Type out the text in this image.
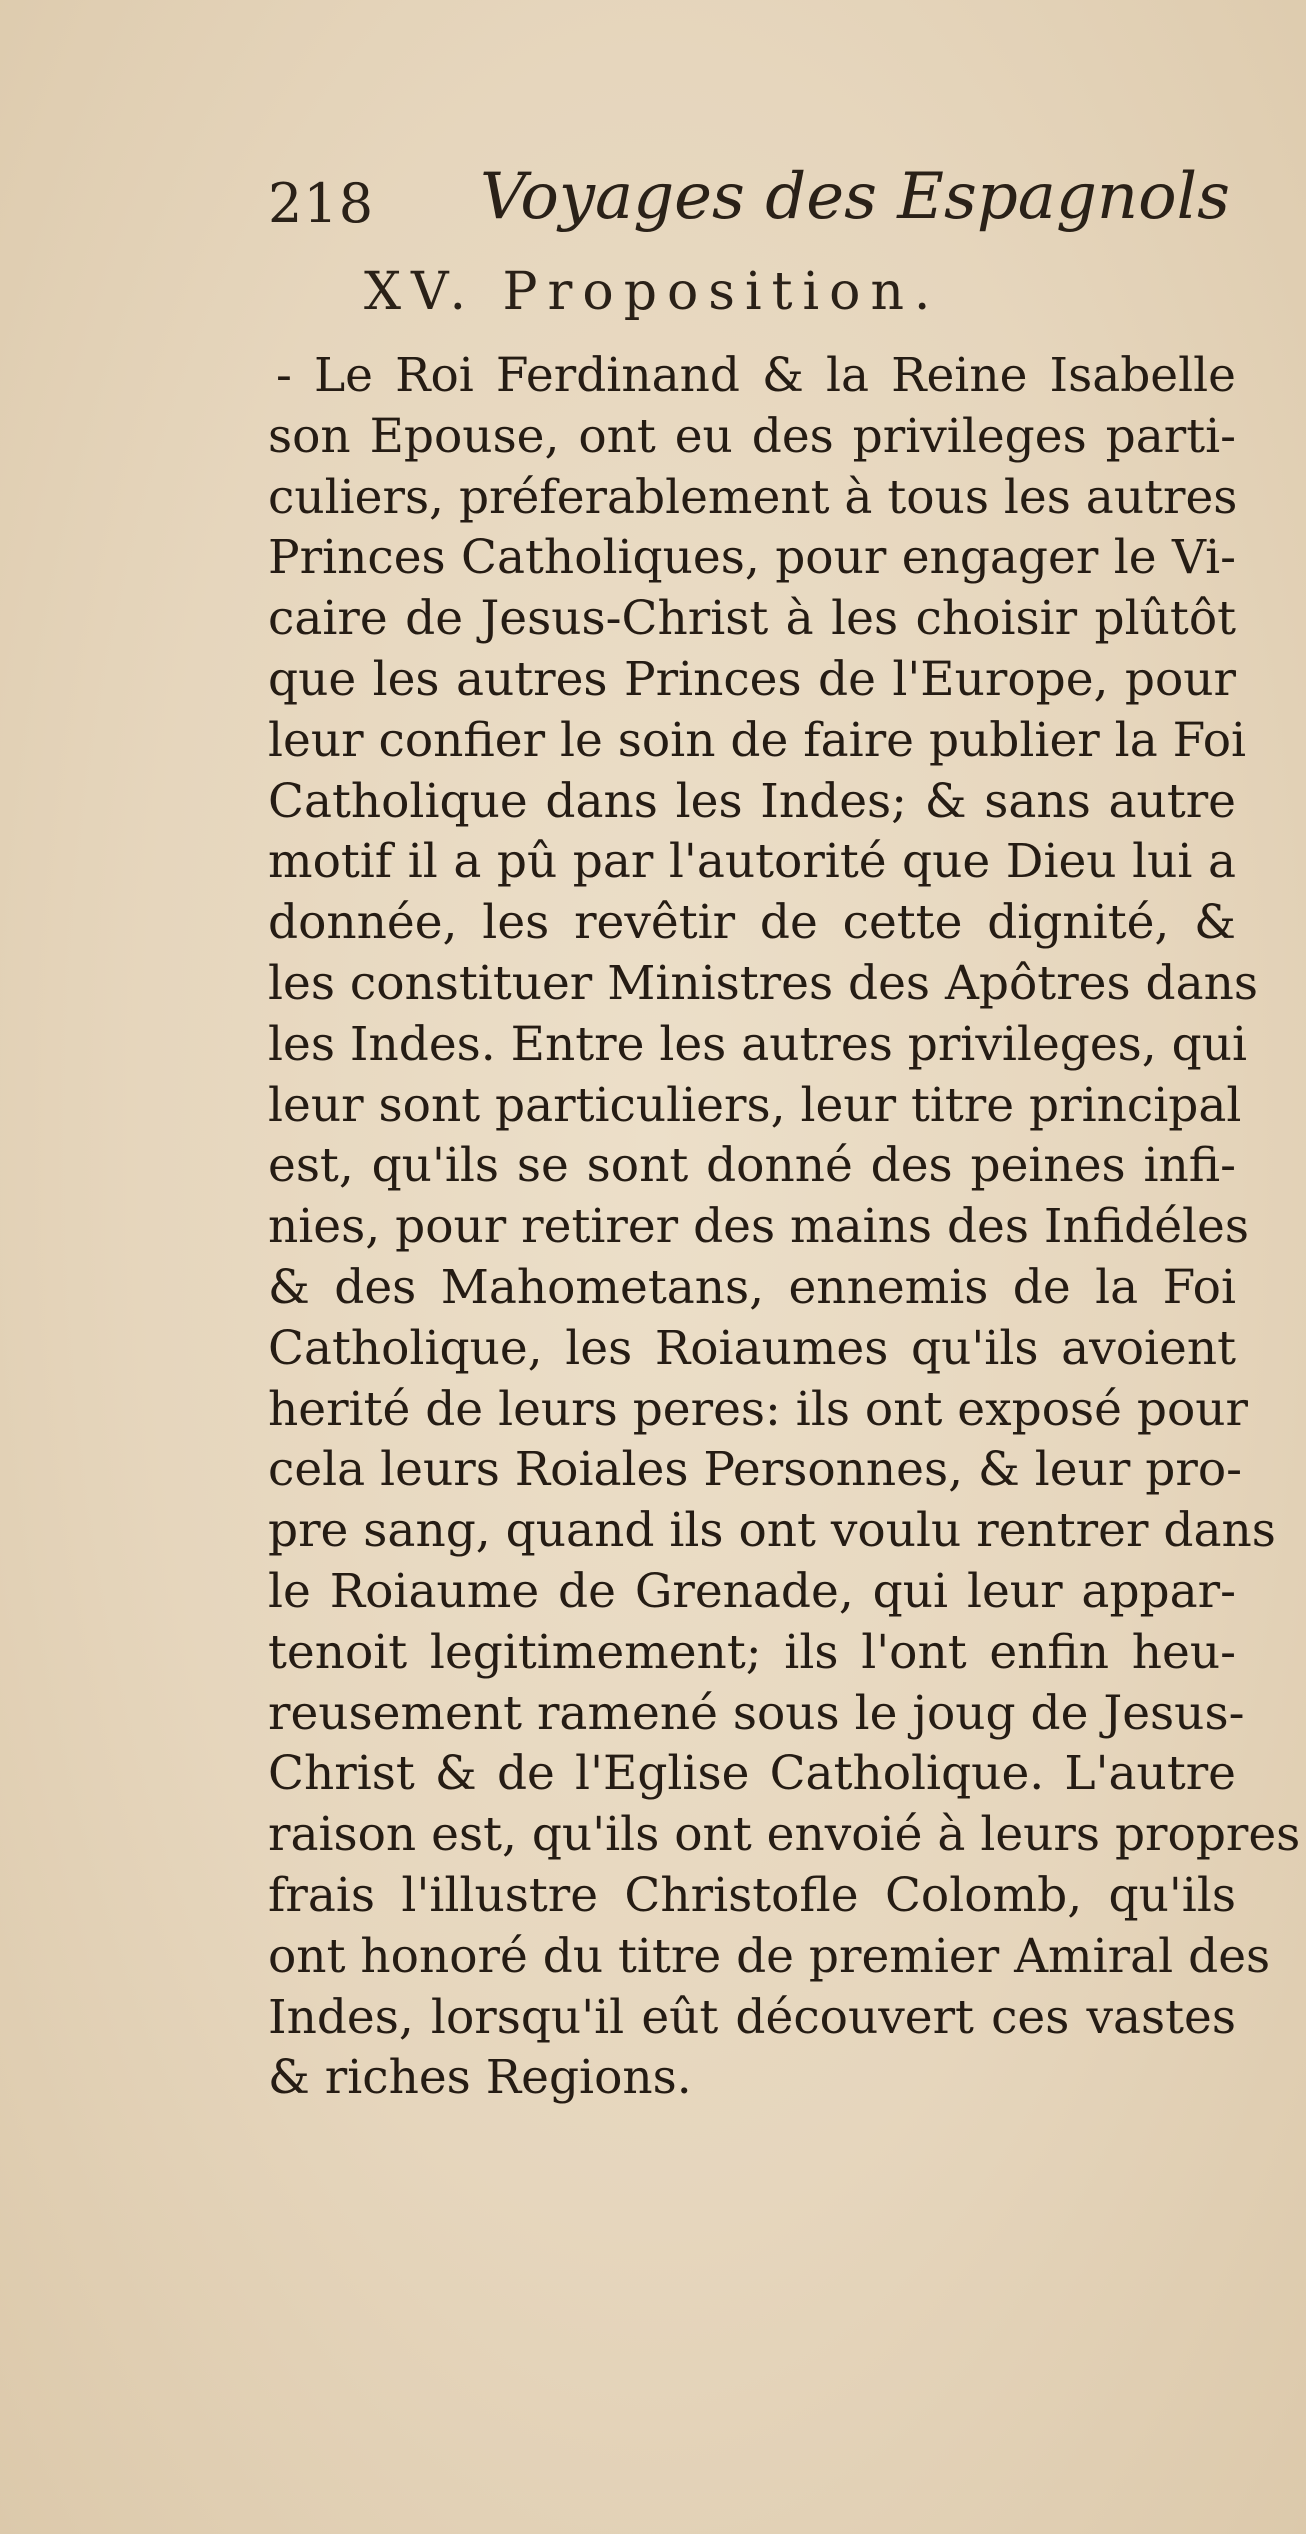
218 Voyages des Espagnols
XV. Proposition.
- Le Roi Ferdinand & la Reine Isabelle
son Epouse, ont eu des privileges parti-
culiers, préferablement à tous les autres
Princes Catholiques, pour engager le Vi-
caire de Jesus-Christ à les choisir plûtôt
que les autres Princes de l'Europe, pour
leur confier le soin de faire publier la Foi
Catholique dans les Indes; & sans autre
motif il a pû par l'autorité que Dieu lui a
donnée, les revêtir de cette dignité, &
les constituer Ministres des Apôtres dans
les Indes. Entre les autres privileges, qui
leur sont particuliers, leur titre principal
est, qu'ils se sont donné des peines infi-
nies, pour retirer des mains des Infidéles
& des Mahometans, ennemis de la Foi
Catholique, les Roiaumes qu'ils avoient
herité de leurs peres: ils ont exposé pour
cela leurs Roiales Personnes, & leur pro-
pre sang, quand ils ont voulu rentrer dans
le Roiaume de Grenade, qui leur appar-
tenoit legitimement; ils l'ont enfin heu-
reusement ramené sous le joug de Jesus-
Christ & de l'Eglise Catholique. L'autre
raison est, qu'ils ont envoié à leurs propres
frais l'illustre Christofle Colomb, qu'ils
ont honoré du titre de premier Amiral des
Indes, lorsqu'il eût découvert ces vastes
& riches Regions.
